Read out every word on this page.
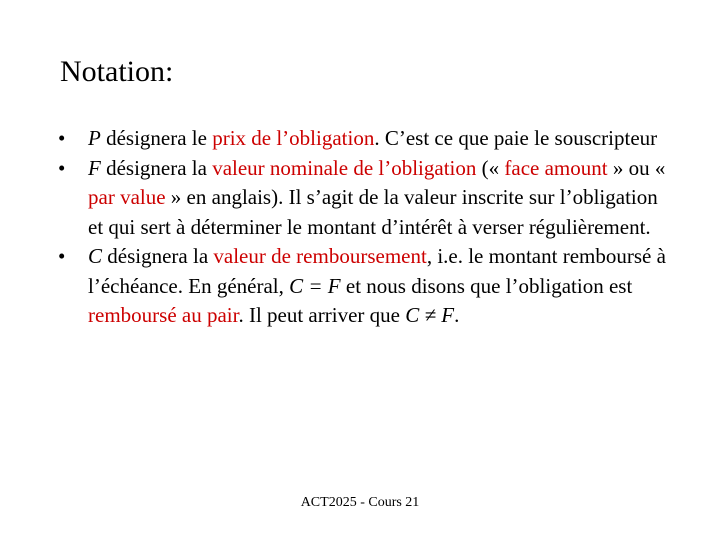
Notation:
• P désignera le prix de l’obligation. C’est ce que paie le souscripteur
• F désignera la valeur nominale de l’obligation (« face amount » ou « par value » en anglais). Il s’agit de la valeur inscrite sur l’obligation et qui sert à déterminer le montant d’intérêt à verser régulièrement.
• C désignera la valeur de remboursement, i.e. le montant remboursé à l’échéance. En général, C = F et nous disons que l’obligation est remboursé au pair. Il peut arriver que C ≠ F.
ACT2025 - Cours 21
